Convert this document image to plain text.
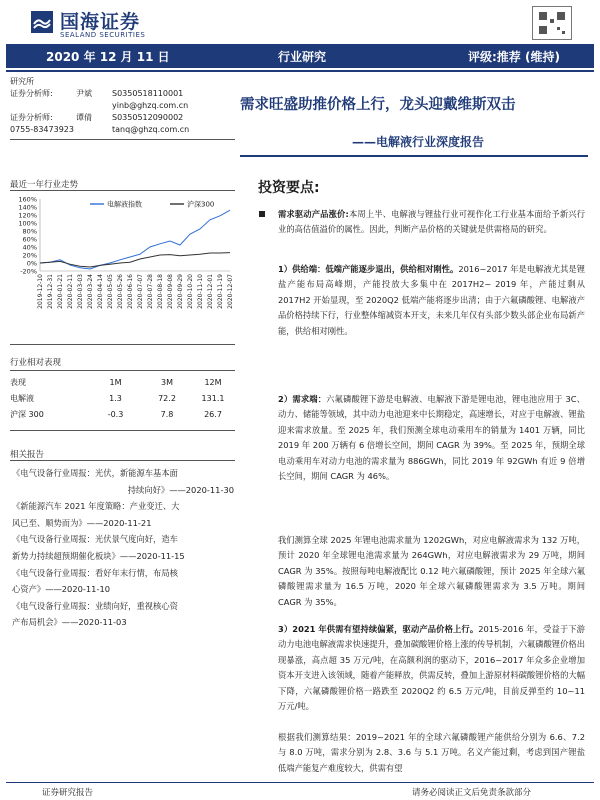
国海证券
SEALAND SECURITIES
2020 年 12 月 11 日	行业研究	评级:推荐 (维持)
研究所
证券分析师:	尹斌	S0350518110001
yinb@ghzq.com.cn
证券分析师:	谭倩	S0350512090002
0755-83473923	tanq@ghzq.com.cn
需求旺盛助推价格上行，龙头迎戴维斯双击
——电解液行业深度报告
最近一年行业走势
-20%
0%
20%
40%
60%
80%
100%
120%
140%
160%
2019-12-10 2019-12-31 2020-01-21 2020-02-11 2020-03-03 2020-03-24 2020-04-14 2020-05-05 2020-05-26 2020-06-16 2020-07-07 2020-07-28 2020-08-18 2020-09-08 2020-09-29 2020-10-20 2020-11-10 2020-12-01 2020-11-19 2020-12-07
电解液指数	沪深300
行业相对表现
表现	1M	3M	12M
电解液	1.3	72.2	131.1
沪深 300	-0.3	7.8	26.7
相关报告
《电气设备行业周报：光伏，新能源车基本面
持续向好》——2020-11-30
《新能源汽车 2021 年度策略：产业变迁、大
风已至、顺势而为》——2020-11-21
《电气设备行业周报：光伏景气度向好，造车
新势力持续超预期催化板块》——2020-11-15
《电气设备行业周报：看好年末行情，布局核
心资产》——2020-11-10
《电气设备行业周报：业绩向好，重视核心资
产布局机会》——2020-11-03
投资要点:
需求驱动产品涨价:本周上半、电解液与锂盐行业可视作化工行业基本面给予新兴行业的高估值溢价的属性。因此，判断产品价格的关键就是供需格局的研究。
1）供给端：低端产能逐步退出，供给相对刚性。2016~2017 年是电解液尤其是锂盐产能布局高峰期，产能投放大多集中在 2017H2~ 2019 年，产能过剩从 2017H2 开始显现，至 2020Q2 低端产能将逐步出清；由于六氟磷酸锂、电解液产品价格持续下行，行业整体缩减资本开支，未来几年仅有头部少数头部企业布局新产能，供给相对刚性。
2）需求端：六氟磷酸锂下游是电解液、电解液下游是锂电池，锂电池应用于 3C、动力、储能等领域，其中动力电池迎来中长期稳定，高速增长，对应于电解液、锂盐迎来需求放量。至 2025 年，我们预测全球电动乘用车的销量为 1401 万辆，同比 2019 年 200 万辆有 6 倍增长空间，期间 CAGR 为 39%。至 2025 年，预期全球电动乘用车对动力电池的需求量为 886GWh，同比 2019 年 92GWh 有近 9 倍增长空间，期间 CAGR 为 46%。
我们测算全球 2025 年锂电池需求量为 1202GWh，对应电解液需求为 132 万吨，预计 2020 年全球锂电池需求量为 264GWh，对应电解液需求为 29 万吨，期间 CAGR 为 35%。按照每吨电解液配比 0.12 吨六氟磷酸锂，预计 2025 年全球六氟磷酸锂需求量为 16.5 万吨，2020 年全球六氟磷酸锂需求为 3.5 万吨。期间 CAGR 为 35%。
3）2021 年供需有望持续偏紧，驱动产品价格上行。2015-2016 年，受益于下游动力电池电解液需求快速提升，叠加碳酸锂价格上涨的传导机制，六氟磷酸锂价格出现暴涨，高点超 35 万元/吨，在高额利润的驱动下，2016~2017 年众多企业增加资本开支进入该领域，随着产能释放，供需反转，叠加上游原材料碳酸锂价格的大幅下降，六氟磷酸锂价格一路跌至 2020Q2 约 6.5 万元/吨，目前反弹至约 10~11 万元/吨。
根据我们测算结果：2019~2021 年的全球六氟磷酸锂产能供给分别为 6.6、7.2 与 8.0 万吨，需求分别为 2.8、3.6 与 5.1 万吨。名义产能过剩，考虑到国产锂盐低端产能复产难度较大，供需有望
证券研究报告	请务必阅读正文后免责条款部分
